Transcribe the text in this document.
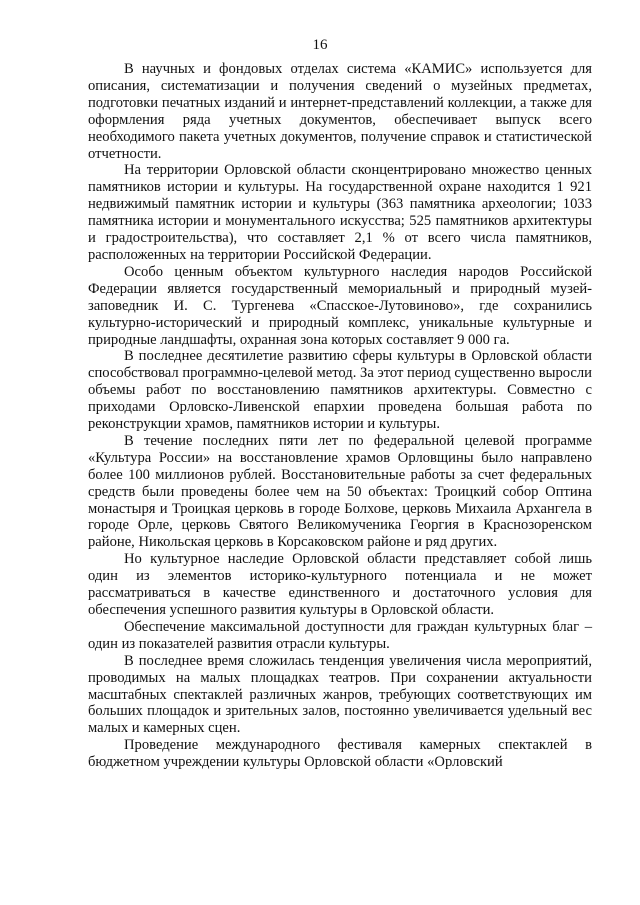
16

В научных и фондовых отделах система «КАМИС» используется для описания, систематизации и получения сведений о музейных предметах, подготовки печатных изданий и интернет-представлений коллекции, а также для оформления ряда учетных документов, обеспечивает выпуск всего необходимого пакета учетных документов, получение справок и статистической отчетности.

На территории Орловской области сконцентрировано множество ценных памятников истории и культуры. На государственной охране находится 1 921 недвижимый памятник истории и культуры (363 памятника археологии; 1033 памятника истории и монументального искусства; 525 памятников архитектуры и градостроительства), что составляет 2,1 % от всего числа памятников, расположенных на территории Российской Федерации.

Особо ценным объектом культурного наследия народов Российской Федерации является государственный мемориальный и природный музей-заповедник И. С. Тургенева «Спасское-Лутовиново», где сохранились культурно-исторический и природный комплекс, уникальные культурные и природные ландшафты, охранная зона которых составляет 9 000 га.

В последнее десятилетие развитию сферы культуры в Орловской области способствовал программно-целевой метод. За этот период существенно выросли объемы работ по восстановлению памятников архитектуры. Совместно с приходами Орловско-Ливенской епархии проведена большая работа по реконструкции храмов, памятников истории и культуры.

В течение последних пяти лет по федеральной целевой программе «Культура России» на восстановление храмов Орловщины было направлено более 100 миллионов рублей. Восстановительные работы за счет федеральных средств были проведены более чем на 50 объектах: Троицкий собор Оптина монастыря и Троицкая церковь в городе Болхове, церковь Михаила Архангела в городе Орле, церковь Святого Великомученика Георгия в Краснозоренском районе, Никольская церковь в Корсаковском районе и ряд других.

Но культурное наследие Орловской области представляет собой лишь один из элементов историко-культурного потенциала и не может рассматриваться в качестве единственного и достаточного условия для обеспечения успешного развития культуры в Орловской области.

Обеспечение максимальной доступности для граждан культурных благ – один из показателей развития отрасли культуры.

В последнее время сложилась тенденция увеличения числа мероприятий, проводимых на малых площадках театров. При сохранении актуальности масштабных спектаклей различных жанров, требующих соответствующих им больших площадок и зрительных залов, постоянно увеличивается удельный вес малых и камерных сцен.

Проведение международного фестиваля камерных спектаклей в бюджетном учреждении культуры Орловской области «Орловский
